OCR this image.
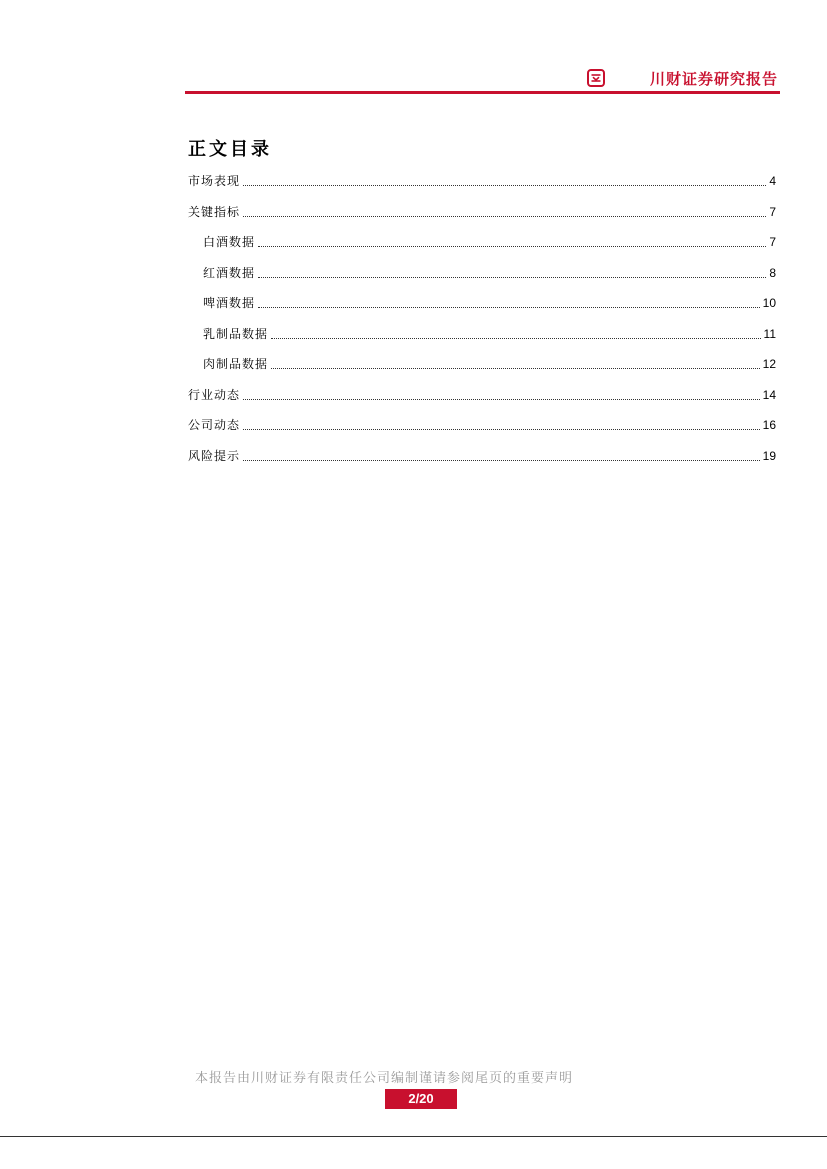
川财证券研究报告
正文目录
市场表现	4
关键指标	7
白酒数据	7
红酒数据	8
啤酒数据	10
乳制品数据	11
肉制品数据	12
行业动态	14
公司动态	16
风险提示	19
本报告由川财证券有限责任公司编制谨请参阅尾页的重要声明
2/20
